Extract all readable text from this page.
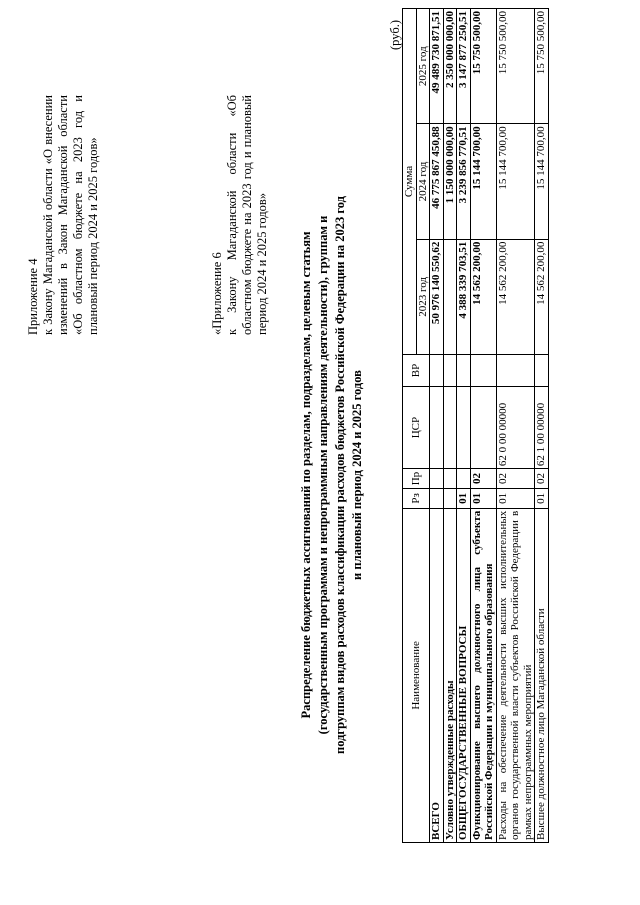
Приложение 4 к Закону Магаданской области «О внесении изменений в Закон Магаданской области «Об областном бюджете на 2023 год и плановый период 2024 и 2025 годов»	«Приложение 6 к Закону Магаданской области «Об областном бюджете на 2023 год и плановый период 2024 и 2025 годов» Распределение бюджетных ассигнований по разделам, подразделам, целевым статьям (государственным программам и непрограммным направлениям деятельности), группам и подгруппам видов расходов классификации расходов бюджетов Российской Федерации на 2023 год и плановый период 2024 и 2025 годов
(руб.)
Наименование	Рз	Пр	ЦСР	ВР	Сумма		
					2023 год	2024 год	2025 год
ВСЕГО					50 976 140 550,62	46 775 867 450,88	49 489 730 871,51
Условно утвержденные расходы						1 150 000 000,00	2 350 000 000,00
ОБЩЕГОСУДАРСТВЕННЫЕ ВОПРОСЫ	01				4 388 339 703,51	3 239 856 770,51	3 147 877 250,51
Функционирование высшего должностного лица субъекта Российской Федерации и муниципального образования	01	02			14 562 200,00	15 144 700,00	15 750 500,00
Расходы на обеспечение деятельности высших исполнительных органов государственной власти субъектов Российской Федерации в рамках непрограммных мероприятий	01	02	62 0 00 00000		14 562 200,00	15 144 700,00	15 750 500,00
Высшее должностное лицо Магаданской области	01	02	62 1 00 00000		14 562 200,00	15 144 700,00	15 750 500,00
